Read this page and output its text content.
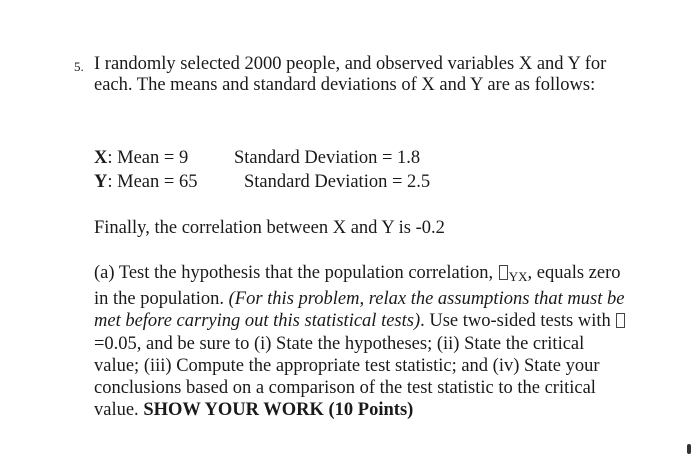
5. I randomly selected 2000 people, and observed variables X and Y for each. The means and standard deviations of X and Y are as follows:

X: Mean = 9 Standard Deviation = 1.8
Y: Mean = 65	Standard Deviation = 2.5

Finally, the correlation between X and Y is -0.2

(a) Test the hypothesis that the population correlation, $_{YX}$, equals zero in the population. (For this problem, relax the assumptions that must be met before carrying out this statistical tests). Use two-sided tests with =0.05, and be sure to (i) State the hypotheses; (ii) State the critical value; (iii) Compute the appropriate test statistic; and (iv) State your conclusions based on a comparison of the test statistic to the critical value. SHOW YOUR WORK (10 Points)
